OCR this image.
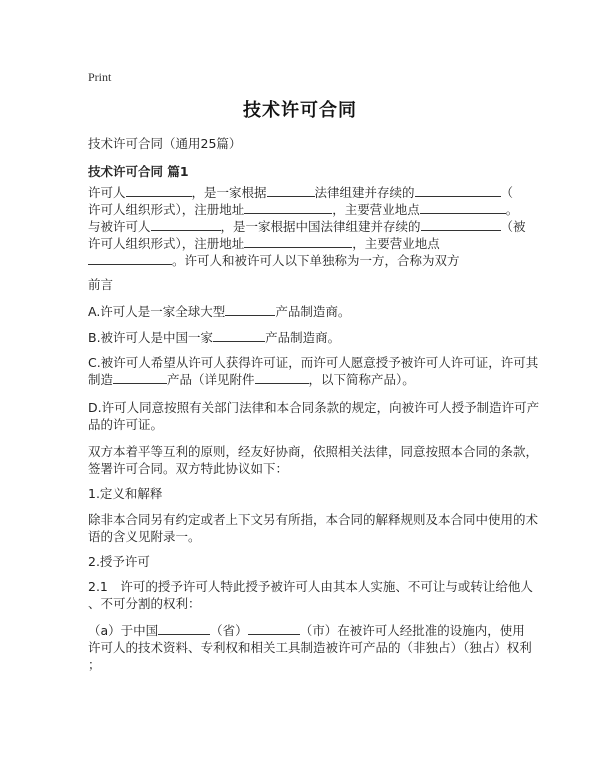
Print
技术许可合同
技术许可合同（通用25篇）
技术许可合同 篇1
许可人	，是一家根据	法律组建并存续的	（
许可人组织形式），注册地址	，主要营业地点	。
与被许可人	，是一家根据中国法律组建并存续的	（被
许可人组织形式），注册地址	，主要营业地点
。许可人和被许可人以下单独称为一方，合称为双方
前言
A.许可人是一家全球大型	产品制造商。
B.被许可人是中国一家	产品制造商。
C.被许可人希望从许可人获得许可证，而许可人愿意授予被许可人许可证，许可其
制造	产品（详见附件	，以下简称产品）。
D.许可人同意按照有关部门法律和本合同条款的规定，向被许可人授予制造许可产
品的许可证。
双方本着平等互利的原则，经友好协商，依照相关法律，同意按照本合同的条款，
签署许可合同。双方特此协议如下：
1.定义和解释
除非本合同另有约定或者上下文另有所指，本合同的解释规则及本合同中使用的术
语的含义见附录一。
2.授予许可
2.1　许可的授予许可人特此授予被许可人由其本人实施、不可让与或转让给他人
、不可分割的权利：
（a）于中国	（省）	（市）在被许可人经批准的设施内，使用
许可人的技术资料、专利权和相关工具制造被许可产品的（非独占）（独占）权利
；
